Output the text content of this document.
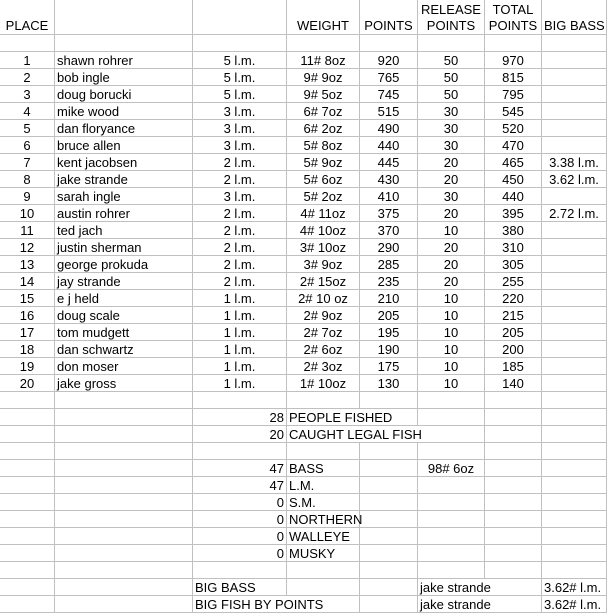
PLACE			WEIGHT	POINTS	RELEASE POINTS	TOTAL POINTS	BIG BASS

1	shawn rohrer	5 l.m.	11# 8oz	920	50	970	
2	bob ingle	5 l.m.	9# 9oz	765	50	815	
3	doug borucki	5 l.m.	9# 5oz	745	50	795	
4	mike wood	3 l.m.	6# 7oz	515	30	545	
5	dan floryance	3 l.m.	6# 2oz	490	30	520	
6	bruce allen	3 l.m.	5# 8oz	440	30	470	
7	kent jacobsen	2 l.m.	5# 9oz	445	20	465	3.38 l.m.
8	jake strande	2 l.m.	5# 6oz	430	20	450	3.62 l.m.
9	sarah ingle	3 l.m.	5# 2oz	410	30	440	
10	austin rohrer	2 l.m.	4# 11oz	375	20	395	2.72 l.m.
11	ted jach	2 l.m.	4# 10oz	370	10	380	
12	justin sherman	2 l.m.	3# 10oz	290	20	310	
13	george prokuda	2 l.m.	3# 9oz	285	20	305	
14	jay strande	2 l.m.	2# 15oz	235	20	255	
15	e j held	1 l.m.	2# 10 oz	210	10	220	
16	doug scale	1 l.m.	2# 9oz	205	10	215	
17	tom mudgett	1 l.m.	2# 7oz	195	10	205	
18	dan schwartz	1 l.m.	2# 6oz	190	10	200	
19	don moser	1 l.m.	2# 3oz	175	10	185	
20	jake gross	1 l.m.	1# 10oz	130	10	140	

		28	PEOPLE FISHED				
		20	CAUGHT LEGAL FISH				

		47	BASS		98# 6oz		
		47	L.M.				
		0	S.M.				
		0	NORTHERN				
		0	WALLEYE				
		0	MUSKY				

		BIG BASS			jake strande		3.62# l.m.
		BIG FISH BY POINTS			jake strande		3.62# l.m.
